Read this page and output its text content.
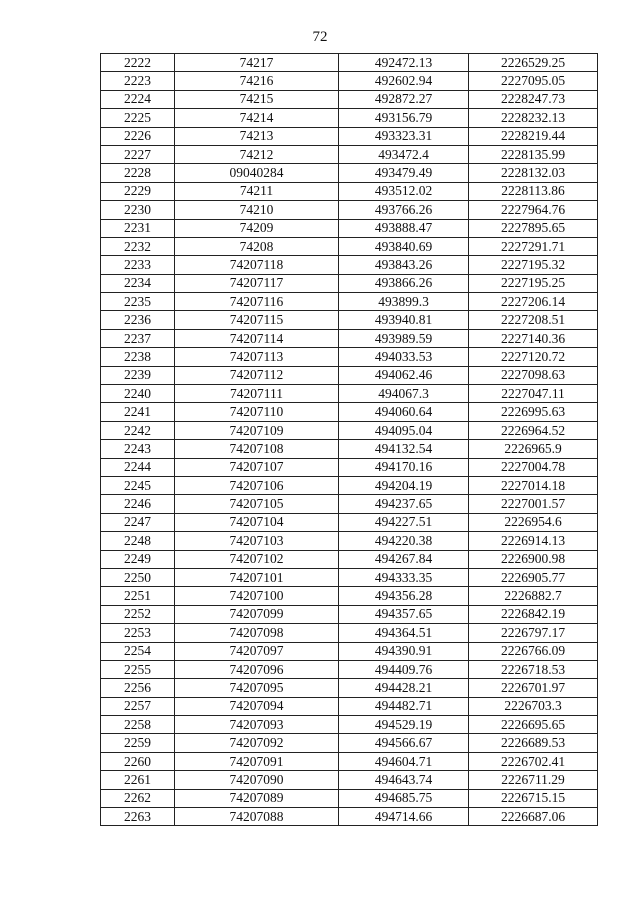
72
2222	74217	492472.13	2226529.25
2223	74216	492602.94	2227095.05
2224	74215	492872.27	2228247.73
2225	74214	493156.79	2228232.13
2226	74213	493323.31	2228219.44
2227	74212	493472.4	2228135.99
2228	09040284	493479.49	2228132.03
2229	74211	493512.02	2228113.86
2230	74210	493766.26	2227964.76
2231	74209	493888.47	2227895.65
2232	74208	493840.69	2227291.71
2233	74207118	493843.26	2227195.32
2234	74207117	493866.26	2227195.25
2235	74207116	493899.3	2227206.14
2236	74207115	493940.81	2227208.51
2237	74207114	493989.59	2227140.36
2238	74207113	494033.53	2227120.72
2239	74207112	494062.46	2227098.63
2240	74207111	494067.3	2227047.11
2241	74207110	494060.64	2226995.63
2242	74207109	494095.04	2226964.52
2243	74207108	494132.54	2226965.9
2244	74207107	494170.16	2227004.78
2245	74207106	494204.19	2227014.18
2246	74207105	494237.65	2227001.57
2247	74207104	494227.51	2226954.6
2248	74207103	494220.38	2226914.13
2249	74207102	494267.84	2226900.98
2250	74207101	494333.35	2226905.77
2251	74207100	494356.28	2226882.7
2252	74207099	494357.65	2226842.19
2253	74207098	494364.51	2226797.17
2254	74207097	494390.91	2226766.09
2255	74207096	494409.76	2226718.53
2256	74207095	494428.21	2226701.97
2257	74207094	494482.71	2226703.3
2258	74207093	494529.19	2226695.65
2259	74207092	494566.67	2226689.53
2260	74207091	494604.71	2226702.41
2261	74207090	494643.74	2226711.29
2262	74207089	494685.75	2226715.15
2263	74207088	494714.66	2226687.06
